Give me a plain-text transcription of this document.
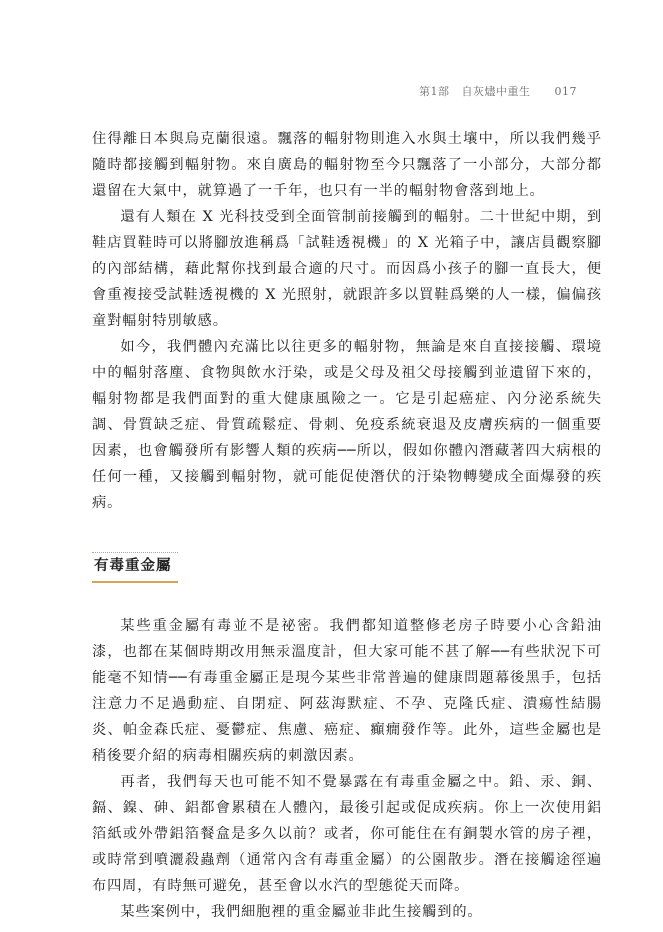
第1部 自灰燼中重生 017

住得離日本與烏克蘭很遠。飄落的輻射物則進入水與土壤中，所以我們幾乎隨時都接觸到輻射物。來自廣島的輻射物至今只飄落了一小部分，大部分都還留在大氣中，就算過了一千年，也只有一半的輻射物會落到地上。

還有人類在 X 光科技受到全面管制前接觸到的輻射。二十世紀中期，到鞋店買鞋時可以將腳放進稱爲「試鞋透視機」的 X 光箱子中，讓店員觀察腳的內部結構，藉此幫你找到最合適的尺寸。而因爲小孩子的腳一直長大，便會重複接受試鞋透視機的 X 光照射，就跟許多以買鞋爲樂的人一樣，偏偏孩童對輻射特別敏感。

如今，我們體內充滿比以往更多的輻射物，無論是來自直接接觸、環境中的輻射落塵、食物與飲水汙染，或是父母及祖父母接觸到並遺留下來的，輻射物都是我們面對的重大健康風險之一。它是引起癌症、內分泌系統失調、骨質缺乏症、骨質疏鬆症、骨刺、免疫系統衰退及皮膚疾病的一個重要因素，也會觸發所有影響人類的疾病──所以，假如你體內潛藏著四大病根的任何一種，又接觸到輻射物，就可能促使潛伏的汙染物轉變成全面爆發的疾病。

有毒重金屬

某些重金屬有毒並不是祕密。我們都知道整修老房子時要小心含鉛油漆，也都在某個時期改用無汞溫度計，但大家可能不甚了解──有些狀況下可能毫不知情──有毒重金屬正是現今某些非常普遍的健康問題幕後黑手，包括注意力不足過動症、自閉症、阿茲海默症、不孕、克隆氏症、潰瘍性結腸炎、帕金森氏症、憂鬱症、焦慮、癌症、癲癇發作等。此外，這些金屬也是稍後要介紹的病毒相關疾病的刺激因素。

再者，我們每天也可能不知不覺暴露在有毒重金屬之中。鉛、汞、銅、鎘、鎳、砷、鋁都會累積在人體內，最後引起或促成疾病。你上一次使用鋁箔紙或外帶鋁箔餐盒是多久以前？或者，你可能住在有銅製水管的房子裡，或時常到噴灑殺蟲劑（通常內含有毒重金屬）的公園散步。潛在接觸途徑遍布四周，有時無可避免，甚至會以水汽的型態從天而降。

某些案例中，我們細胞裡的重金屬並非此生接觸到的。
